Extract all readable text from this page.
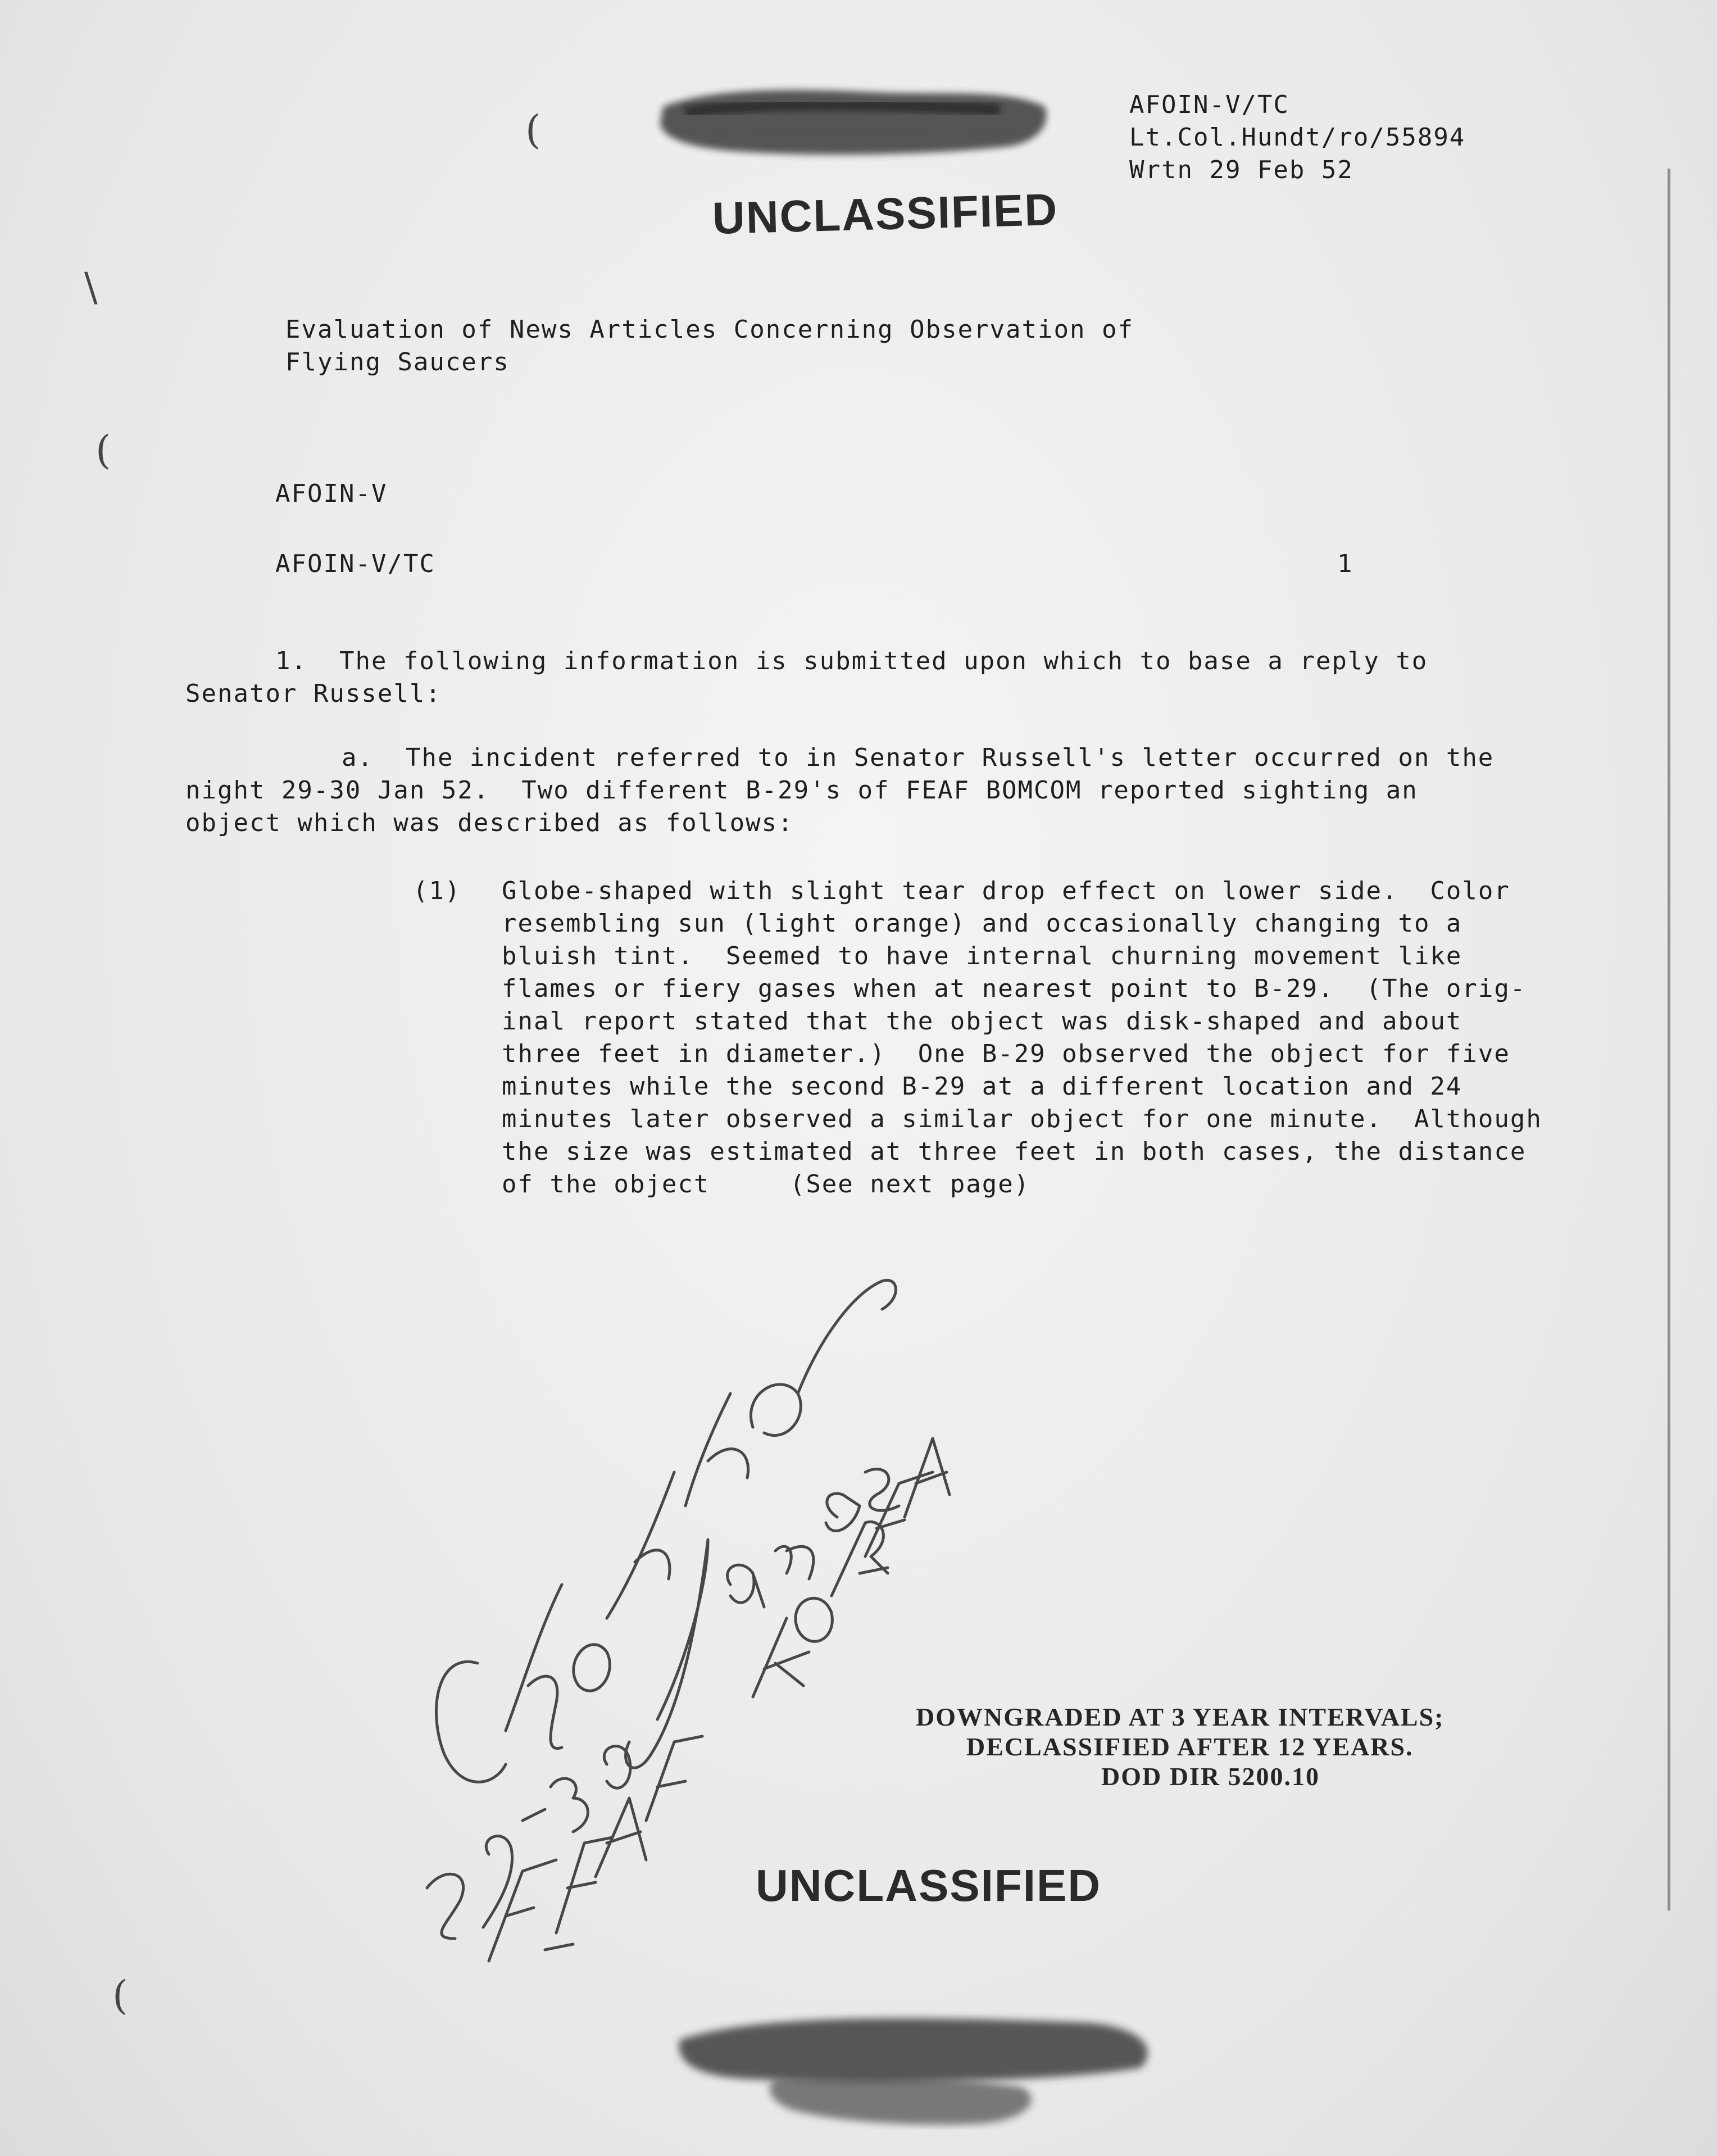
(
\
(
(
AFOIN-V/TC
Lt.Col.Hundt/ro/55894
Wrtn 29 Feb 52
UNCLASSIFIED
Evaluation of News Articles Concerning Observation of
Flying Saucers
AFOIN-V
AFOIN-V/TC	1
1.  The following information is submitted upon which to base a reply to
Senator Russell:
a.  The incident referred to in Senator Russell's letter occurred on the
night 29-30 Jan 52.  Two different B-29's of FEAF BOMCOM reported sighting an
object which was described as follows:
(1) Globe-shaped with slight tear drop effect on lower side.  Color
resembling sun (light orange) and occasionally changing to a
bluish tint.  Seemed to have internal churning movement like
flames or fiery gases when at nearest point to B-29.  (The orig-
inal report stated that the object was disk-shaped and about
three feet in diameter.)  One B-29 observed the object for five
minutes while the second B-29 at a different location and 24
minutes later observed a similar object for one minute.  Although
the size was estimated at three feet in both cases, the distance
of the object     (See next page)
DOWNGRADED AT 3 YEAR INTERVALS;
DECLASSIFIED AFTER 12 YEARS.
DOD DIR 5200.10
UNCLASSIFIED
